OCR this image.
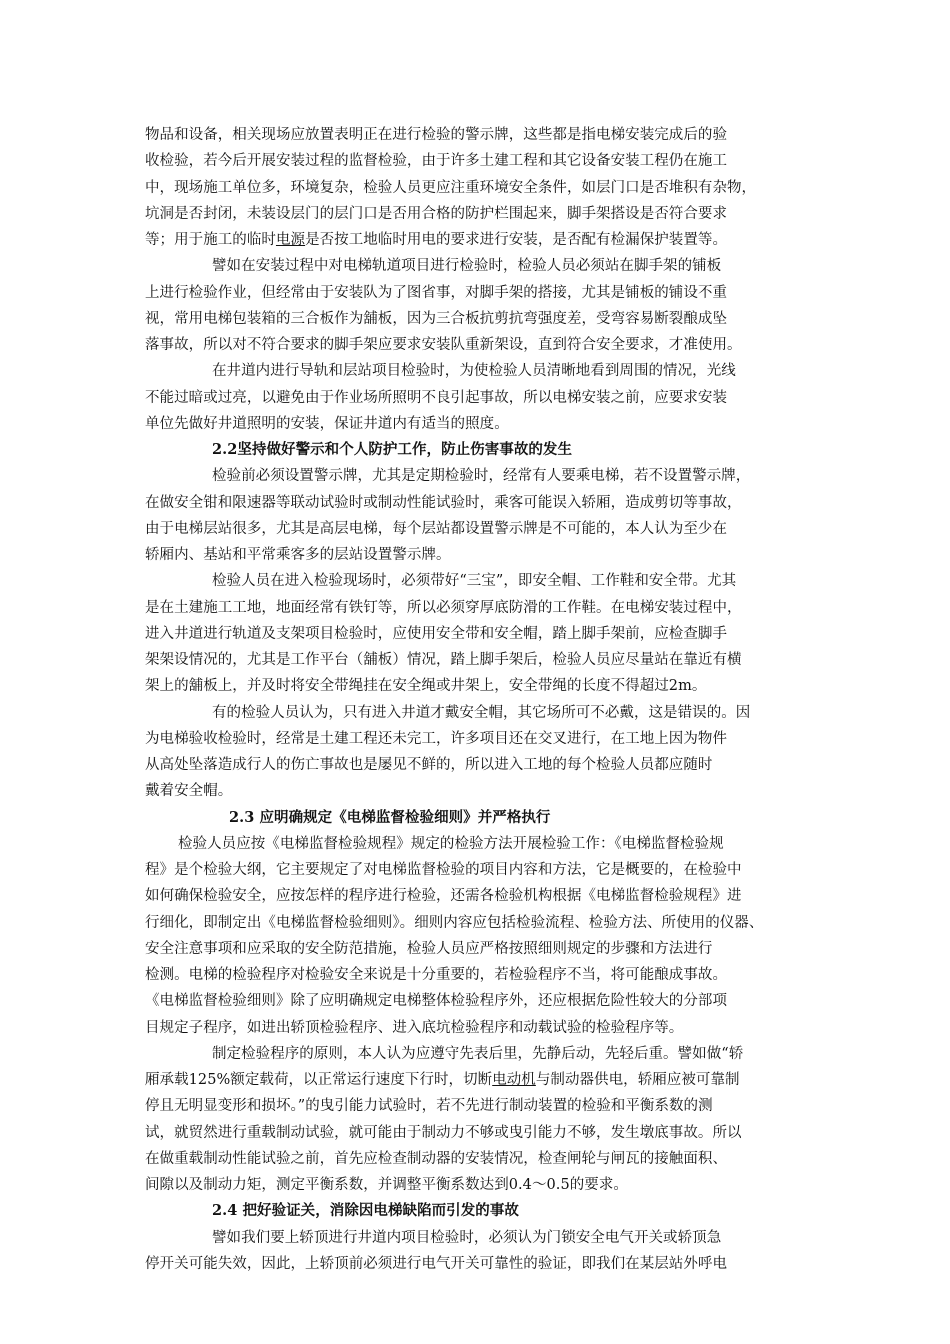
物品和设备，相关现场应放置表明正在进行检验的警示牌，这些都是指电梯安装完成后的验
收检验，若今后开展安装过程的监督检验，由于许多土建工程和其它设备安装工程仍在施工
中，现场施工单位多，环境复杂，检验人员更应注重环境安全条件，如层门口是否堆积有杂物，
坑洞是否封闭，未装设层门的层门口是否用合格的防护栏围起来，脚手架搭设是否符合要求
等；用于施工的临时电源是否按工地临时用电的要求进行安装，是否配有检漏保护装置等。
譬如在安装过程中对电梯轨道项目进行检验时，检验人员必须站在脚手架的铺板
上进行检验作业，但经常由于安装队为了图省事，对脚手架的搭接，尤其是铺板的铺设不重
视，常用电梯包装箱的三合板作为舖板，因为三合板抗剪抗弯强度差，受弯容易断裂酿成坠
落事故，所以对不符合要求的脚手架应要求安装队重新架设，直到符合安全要求，才准使用。
在井道内进行导轨和层站项目检验时，为使检验人员清晰地看到周围的情况，光线
不能过暗或过亮，以避免由于作业场所照明不良引起事故，所以电梯安装之前，应要求安装
单位先做好井道照明的安装，保证井道内有适当的照度。
2.2坚持做好警示和个人防护工作，防止伤害事故的发生
检验前必须设置警示牌，尤其是定期检验时，经常有人要乘电梯，若不设置警示牌，
在做安全钳和限速器等联动试验时或制动性能试验时，乘客可能误入轿厢，造成剪切等事故，
由于电梯层站很多，尤其是高层电梯，每个层站都设置警示牌是不可能的，本人认为至少在
轿厢内、基站和平常乘客多的层站设置警示牌。
检验人员在进入检验现场时，必须带好“三宝”，即安全帽、工作鞋和安全带。尤其
是在土建施工工地，地面经常有铁钉等，所以必须穿厚底防滑的工作鞋。在电梯安装过程中，
进入井道进行轨道及支架项目检验时，应使用安全带和安全帽，踏上脚手架前，应检查脚手
架架设情况的，尤其是工作平台（舖板）情况，踏上脚手架后，检验人员应尽量站在靠近有横
架上的舖板上，并及时将安全带绳挂在安全绳或井架上，安全带绳的长度不得超过2m。
有的检验人员认为，只有进入井道才戴安全帽，其它场所可不必戴，这是错误的。因
为电梯验收检验时，经常是土建工程还未完工，许多项目还在交叉进行，在工地上因为物件
从高处坠落造成行人的伤亡事故也是屡见不鲜的，所以进入工地的每个检验人员都应随时
戴着安全帽。
2.3 应明确规定《电梯监督检验细则》并严格执行
检验人员应按《电梯监督检验规程》规定的检验方法开展检验工作：《电梯监督检验规
程》是个检验大纲，它主要规定了对电梯监督检验的项目内容和方法，它是概要的，在检验中
如何确保检验安全，应按怎样的程序进行检验，还需各检验机构根据《电梯监督检验规程》进
行细化，即制定出《电梯监督检验细则》。细则内容应包括检验流程、检验方法、所使用的仪器、
安全注意事项和应采取的安全防范措施，检验人员应严格按照细则规定的步骤和方法进行
检测。电梯的检验程序对检验安全来说是十分重要的，若检验程序不当，将可能酿成事故。
《电梯监督检验细则》除了应明确规定电梯整体检验程序外，还应根据危险性较大的分部项
目规定子程序，如进出轿顶检验程序、进入底坑检验程序和动载试验的检验程序等。
制定检验程序的原则，本人认为应遵守先表后里，先静后动，先轻后重。譬如做“轿
厢承载125%额定载荷，以正常运行速度下行时，切断电动机与制动器供电，轿厢应被可靠制
停且无明显变形和损坏。”的曳引能力试验时，若不先进行制动装置的检验和平衡系数的测
试，就贸然进行重载制动试验，就可能由于制动力不够或曳引能力不够，发生墩底事故。所以
在做重载制动性能试验之前，首先应检查制动器的安装情况，检查闸轮与闸瓦的接触面积、
间隙以及制动力矩，测定平衡系数，并调整平衡系数达到0.4～0.5的要求。
2.4 把好验证关，消除因电梯缺陷而引发的事故
譬如我们要上轿顶进行井道内项目检验时，必须认为门锁安全电气开关或轿顶急
停开关可能失效，因此，上轿顶前必须进行电气开关可靠性的验证，即我们在某层站外呼电
